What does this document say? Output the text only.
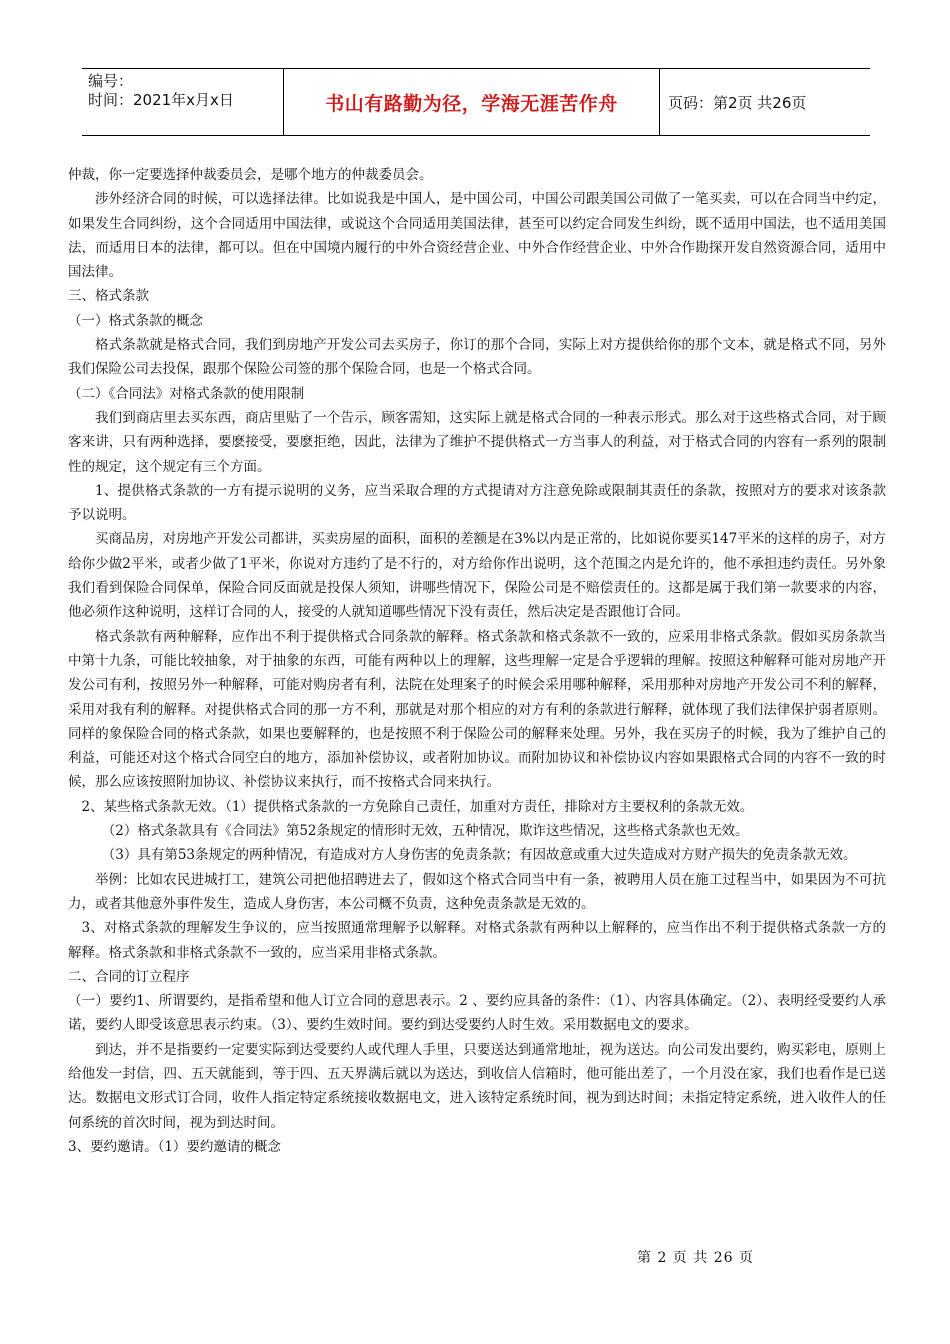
编号：
时间：2021年x月x日	书山有路勤为径，学海无涯苦作舟	页码：第2页 共26页

仲裁，你一定要选择仲裁委员会，是哪个地方的仲裁委员会。

涉外经济合同的时候，可以选择法律。比如说我是中国人，是中国公司，中国公司跟美国公司做了一笔买卖，可以在合同当中约定，如果发生合同纠纷，这个合同适用中国法律，或说这个合同适用美国法律，甚至可以约定合同发生纠纷，既不适用中国法，也不适用美国法，而适用日本的法律，都可以。但在中国境内履行的中外合资经营企业、中外合作经营企业、中外合作勘探开发自然资源合同，适用中国法律。

三、格式条款

（一）格式条款的概念

格式条款就是格式合同，我们到房地产开发公司去买房子，你订的那个合同，实际上对方提供给你的那个文本，就是格式不同，另外我们保险公司去投保，跟那个保险公司签的那个保险合同，也是一个格式合同。

（二）《合同法》对格式条款的使用限制

我们到商店里去买东西，商店里贴了一个告示，顾客需知，这实际上就是格式合同的一种表示形式。那么对于这些格式合同，对于顾客来讲，只有两种选择，要麽接受，要麽拒绝，因此，法律为了维护不提供格式一方当事人的利益，对于格式合同的内容有一系列的限制性的规定，这个规定有三个方面。

1、提供格式条款的一方有提示说明的义务，应当采取合理的方式提请对方注意免除或限制其责任的条款，按照对方的要求对该条款予以说明。

买商品房，对房地产开发公司都讲，买卖房屋的面积，面积的差额是在3%以内是正常的，比如说你要买147平米的这样的房子，对方给你少做2平米，或者少做了1平米，你说对方违约了是不行的，对方给你作出说明，这个范围之内是允许的，他不承担违约责任。另外象我们看到保险合同保单，保险合同反面就是投保人须知，讲哪些情况下，保险公司是不赔偿责任的。这都是属于我们第一款要求的内容，他必须作这种说明，这样订合同的人，接受的人就知道哪些情况下没有责任，然后决定是否跟他订合同。

格式条款有两种解释，应作出不利于提供格式合同条款的解释。格式条款和格式条款不一致的，应采用非格式条款。假如买房条款当中第十九条，可能比较抽象，对于抽象的东西，可能有两种以上的理解，这些理解一定是合乎逻辑的理解。按照这种解释可能对房地产开发公司有利，按照另外一种解释，可能对购房者有利，法院在处理案子的时候会采用哪种解释，采用那种对房地产开发公司不利的解释，采用对我有利的解释。对提供格式合同的那一方不利，那就是对那个相应的对方有利的条款进行解释，就体现了我们法律保护弱者原则。同样的象保险合同的格式条款，如果也要解释的，也是按照不利于保险公司的解释来处理。另外，我在买房子的时候，我为了维护自己的利益，可能还对这个格式合同空白的地方，添加补偿协议，或者附加协议。而附加协议和补偿协议内容如果跟格式合同的内容不一致的时候，那么应该按照附加协议、补偿协议来执行，而不按格式合同来执行。

2、某些格式条款无效。（1）提供格式条款的一方免除自己责任，加重对方责任，排除对方主要权利的条款无效。

（2）格式条款具有《合同法》第52条规定的情形时无效，五种情况，欺诈这些情况，这些格式条款也无效。

（3）具有第53条规定的两种情况，有造成对方人身伤害的免责条款；有因故意或重大过失造成对方财产损失的免责条款无效。

举例：比如农民进城打工，建筑公司把他招聘进去了，假如这个格式合同当中有一条，被聘用人员在施工过程当中，如果因为不可抗力，或者其他意外事件发生，造成人身伤害，本公司概不负责，这种免责条款是无效的。

3、对格式条款的理解发生争议的，应当按照通常理解予以解释。对格式条款有两种以上解释的，应当作出不利于提供格式条款一方的解释。格式条款和非格式条款不一致的，应当采用非格式条款。

二、合同的订立程序

（一）要约1、所谓要约，是指希望和他人订立合同的意思表示。2 、要约应具备的条件：（1）、内容具体确定。（2）、表明经受要约人承诺，要约人即受该意思表示约束。（3）、要约生效时间。要约到达受要约人时生效。采用数据电文的要求。

到达，并不是指要约一定要实际到达受要约人或代理人手里，只要送达到通常地址，视为送达。向公司发出要约，购买彩电，原则上给他发一封信，四、五天就能到，等于四、五天界满后就以为送达，到收信人信箱时，他可能出差了，一个月没在家，我们也看作是已送达。数据电文形式订合同，收件人指定特定系统接收数据电文，进入该特定系统时间，视为到达时间；未指定特定系统，进入收件人的任何系统的首次时间，视为到达时间。

3、要约邀请。（1）要约邀请的概念

第 2 页 共 26 页
